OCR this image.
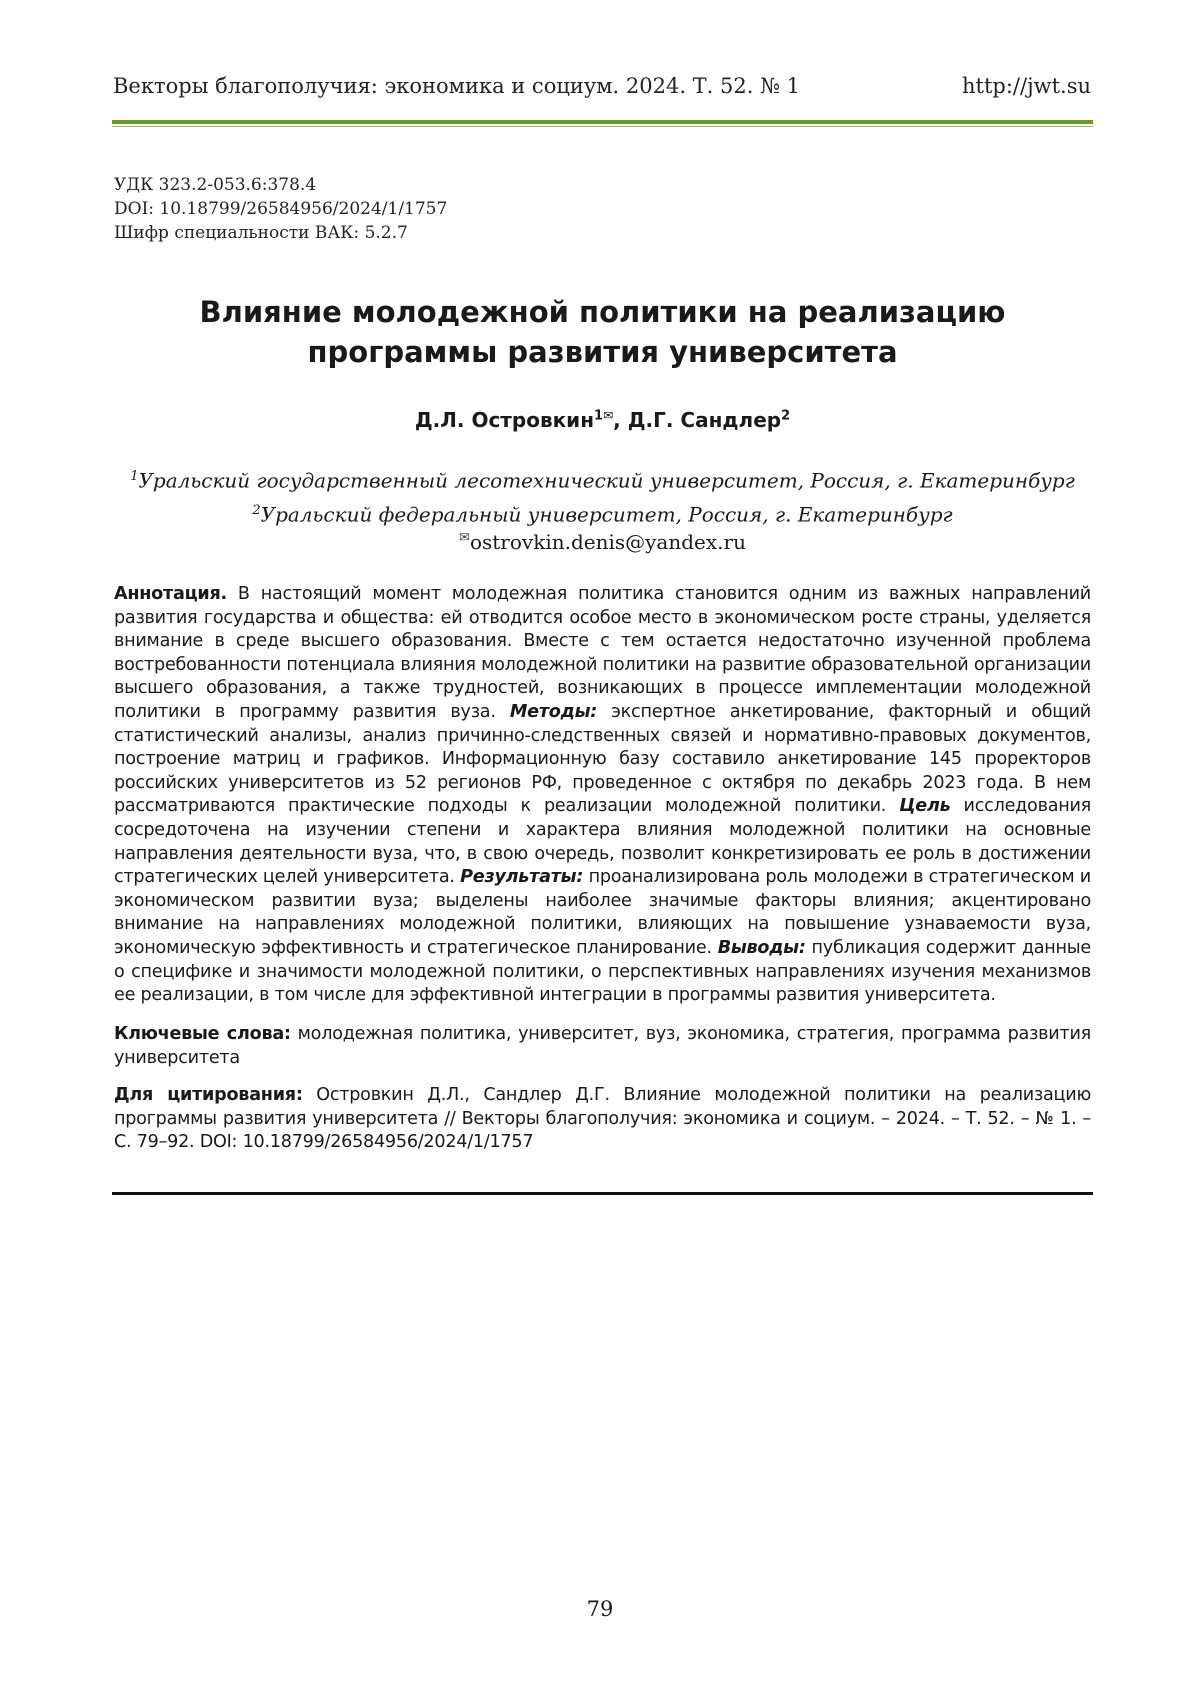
Векторы благополучия: экономика и социум. 2024. Т. 52. № 1	http://jwt.su
УДК 323.2-053.6:378.4
DOI: 10.18799/26584956/2024/1/1757
Шифр специальности ВАК: 5.2.7
Влияние молодежной политики на реализацию
программы развития университета
Д.Л. Островкин$^{1✉}$, Д.Г. Сандлер$^2$
$^1$Уральский государственный лесотехнический университет, Россия, г. Екатеринбург
$^2$Уральский федеральный университет, Россия, г. Екатеринбург
✉ostrovkin.denis@yandex.ru
Аннотация. В настоящий момент молодежная политика становится одним из важных направлений развития государства и общества: ей отводится особое место в экономическом росте страны, уделяется внимание в среде высшего образования. Вместе с тем остается недостаточно изученной проблема востребованности потенциала влияния молодежной политики на развитие образовательной организации высшего образования, а также трудностей, возникающих в процессе имплементации молодежной политики в программу развития вуза. Методы: экспертное анкетирование, факторный и общий статистический анализы, анализ причинно-следственных связей и нормативно-правовых документов, построение матриц и графиков. Информационную базу составило анкетирование 145 проректоров российских университетов из 52 регионов РФ, проведенное с октября по декабрь 2023 года. В нем рассматриваются практические подходы к реализации молодежной политики. Цель исследования сосредоточена на изучении степени и характера влияния молодежной политики на основные направления деятельности вуза, что, в свою очередь, позволит конкретизировать ее роль в достижении стратегических целей университета. Результаты: проанализирована роль молодежи в стратегическом и экономическом развитии вуза; выделены наиболее значимые факторы влияния; акцентировано внимание на направлениях молодежной политики, влияющих на повышение узнаваемости вуза, экономическую эффективность и стратегическое планирование. Выводы: публикация содержит данные о специфике и значимости молодежной политики, о перспективных направлениях изучения механизмов ее реализации, в том числе для эффективной интеграции в программы развития университета.
Ключевые слова: молодежная политика, университет, вуз, экономика, стратегия, программа развития университета
Для цитирования: Островкин Д.Л., Сандлер Д.Г. Влияние молодежной политики на реализацию программы развития университета // Векторы благополучия: экономика и социум. – 2024. – Т. 52. – № 1. – С. 79–92. DOI: 10.18799/26584956/2024/1/1757
79
